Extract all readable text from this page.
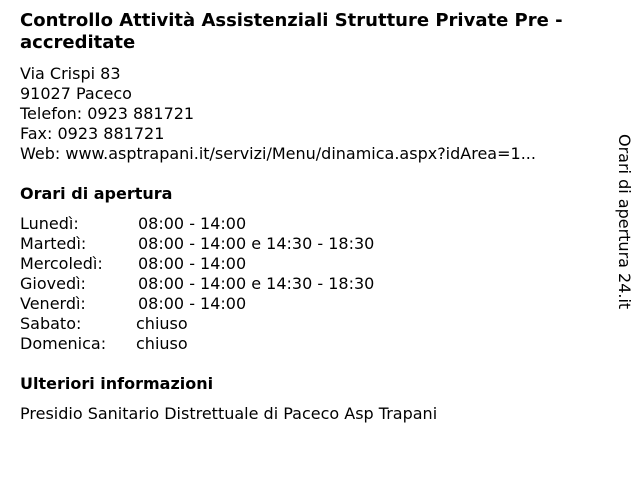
Controllo Attività Assistenziali Strutture Private Pre -accreditate
Via Crispi 83
91027 Paceco
Telefon: 0923 881721
Fax: 0923 881721
Web: www.asptrapani.it/servizi/Menu/dinamica.aspx?idArea=1...
Orari di apertura
Lunedì:	08:00 - 14:00
Martedì:	08:00 - 14:00 e 14:30 - 18:30
Mercoledì:	08:00 - 14:00
Giovedì:	08:00 - 14:00 e 14:30 - 18:30
Venerdì:	08:00 - 14:00
Sabato:	chiuso
Domenica:	chiuso
Ulteriori informazioni
Presidio Sanitario Distrettuale di Paceco Asp Trapani
Orari di apertura 24.it
